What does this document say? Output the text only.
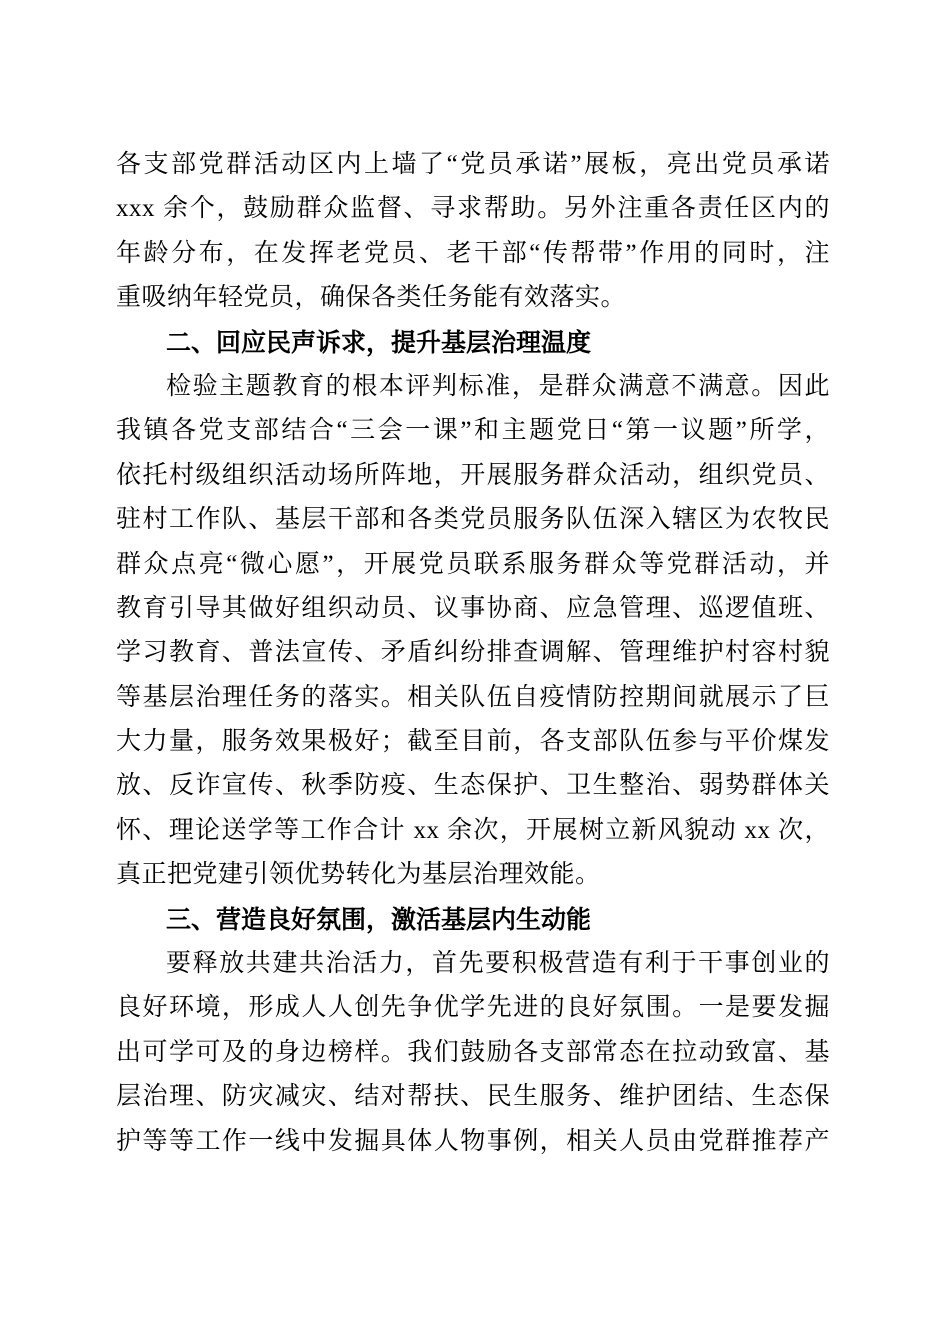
各支部党群活动区内上墙了“党员承诺”展板，亮出党员承诺
xxx 余个，鼓励群众监督、寻求帮助。另外注重各责任区内的
年龄分布，在发挥老党员、老干部“传帮带”作用的同时，注
重吸纳年轻党员，确保各类任务能有效落实。
二、回应民声诉求，提升基层治理温度
检验主题教育的根本评判标准，是群众满意不满意。因此
我镇各党支部结合“三会一课”和主题党日“第一议题”所学，
依托村级组织活动场所阵地，开展服务群众活动，组织党员、
驻村工作队、基层干部和各类党员服务队伍深入辖区为农牧民
群众点亮“微心愿”，开展党员联系服务群众等党群活动，并
教育引导其做好组织动员、议事协商、应急管理、巡逻值班、
学习教育、普法宣传、矛盾纠纷排查调解、管理维护村容村貌
等基层治理任务的落实。相关队伍自疫情防控期间就展示了巨
大力量，服务效果极好；截至目前，各支部队伍参与平价煤发
放、反诈宣传、秋季防疫、生态保护、卫生整治、弱势群体关
怀、理论送学等工作合计 xx 余次，开展树立新风貌动 xx 次，
真正把党建引领优势转化为基层治理效能。
三、营造良好氛围，激活基层内生动能
要释放共建共治活力，首先要积极营造有利于干事创业的
良好环境，形成人人创先争优学先进的良好氛围。一是要发掘
出可学可及的身边榜样。我们鼓励各支部常态在拉动致富、基
层治理、防灾减灾、结对帮扶、民生服务、维护团结、生态保
护等等工作一线中发掘具体人物事例，相关人员由党群推荐产
